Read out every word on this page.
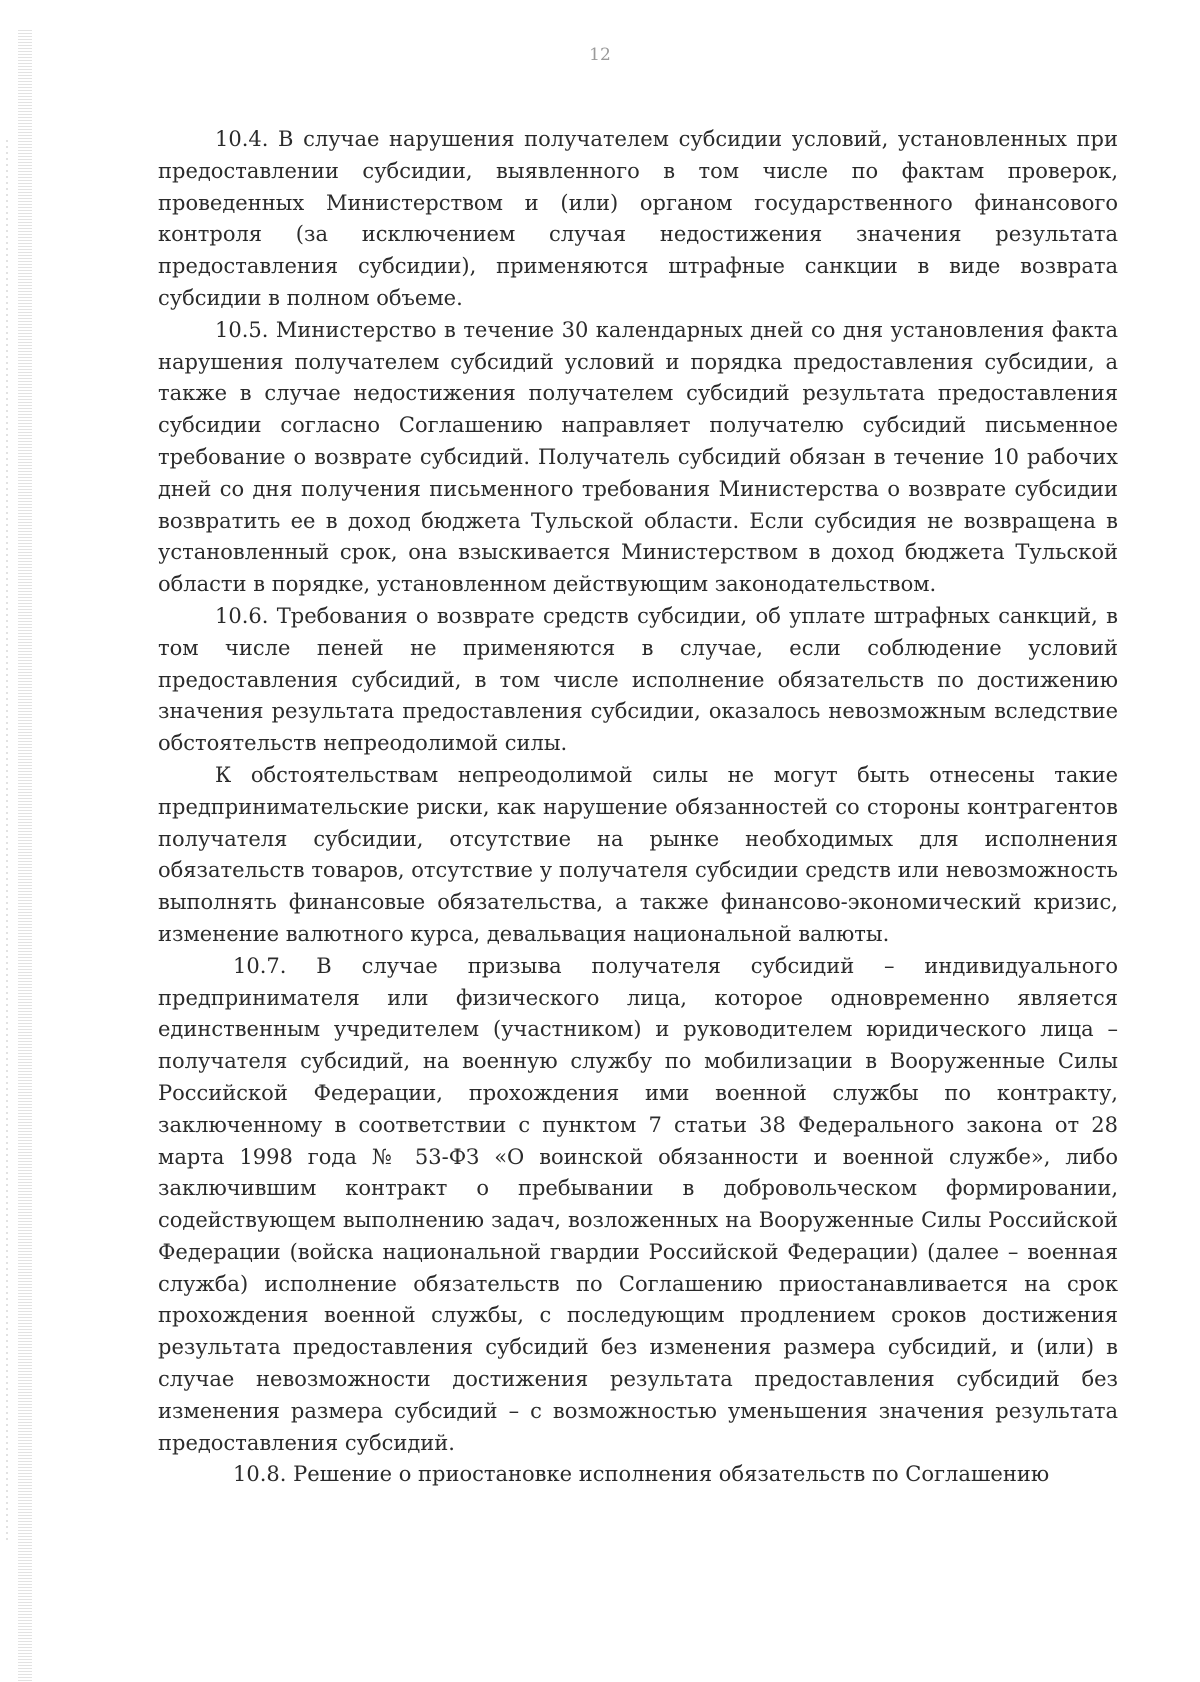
12

10.4. В случае нарушения получателем субсидии условий, установленных при предоставлении субсидии, выявленного в том числе по фактам проверок, проведенных Министерством и (или) органом государственного финансового контроля (за исключением случая недостижения значения результата предоставления субсидии), применяются штрафные санкции в виде возврата субсидии в полном объеме.

10.5. Министерство в течение 30 календарных дней со дня установления факта нарушения получателем субсидий условий и порядка предоставления субсидии, а также в случае недостижения получателем субсидий результата предоставления субсидии согласно Соглашению направляет получателю субсидий письменное требование о возврате субсидий. Получатель субсидий обязан в течение 10 рабочих дней со дня получения письменного требования Министерства о возврате субсидии возвратить ее в доход бюджета Тульской области. Если субсидия не возвращена в установленный срок, она взыскивается Министерством в доход бюджета Тульской области в порядке, установленном действующим законодательством.

10.6. Требования о возврате средств субсидии, об уплате штрафных санкций, в том числе пеней не применяются в случае, если соблюдение условий предоставления субсидий, в том числе исполнение обязательств по достижению значения результата предоставления субсидии, оказалось невозможным вследствие обстоятельств непреодолимой силы.

К обстоятельствам непреодолимой силы не могут быть отнесены такие предпринимательские риски, как нарушение обязанностей со стороны контрагентов получателя субсидии, отсутствие на рынке необходимых для исполнения обязательств товаров, отсутствие у получателя субсидии средств или невозможность выполнять финансовые обязательства, а также финансово-экономический кризис, изменение валютного курса, девальвация национальной валюты.

10.7. В случае призыва получателя субсидий – индивидуального предпринимателя или физического лица, которое одновременно является единственным учредителем (участником) и руководителем юридического лица – получателя субсидий, на военную службу по мобилизации в Вооруженные Силы Российской Федерации, прохождения ими военной службы по контракту, заключенному в соответствии с пунктом 7 статьи 38 Федерального закона от 28 марта 1998 года № 53-ФЗ «О воинской обязанности и военной службе», либо заключившим контракт о пребывании в добровольческом формировании, содействующем выполнению задач, возложенных на Вооруженные Силы Российской Федерации (войска национальной гвардии Российской Федерации) (далее – военная служба) исполнение обязательств по Соглашению приостанавливается на срок прохождения военной службы, с последующим продлением сроков достижения результата предоставления субсидий без изменения размера субсидий, и (или) в случае невозможности достижения результата предоставления субсидий без изменения размера субсидий – с возможностью уменьшения значения результата предоставления субсидий.

10.8. Решение о приостановке исполнения обязательств по Соглашению
